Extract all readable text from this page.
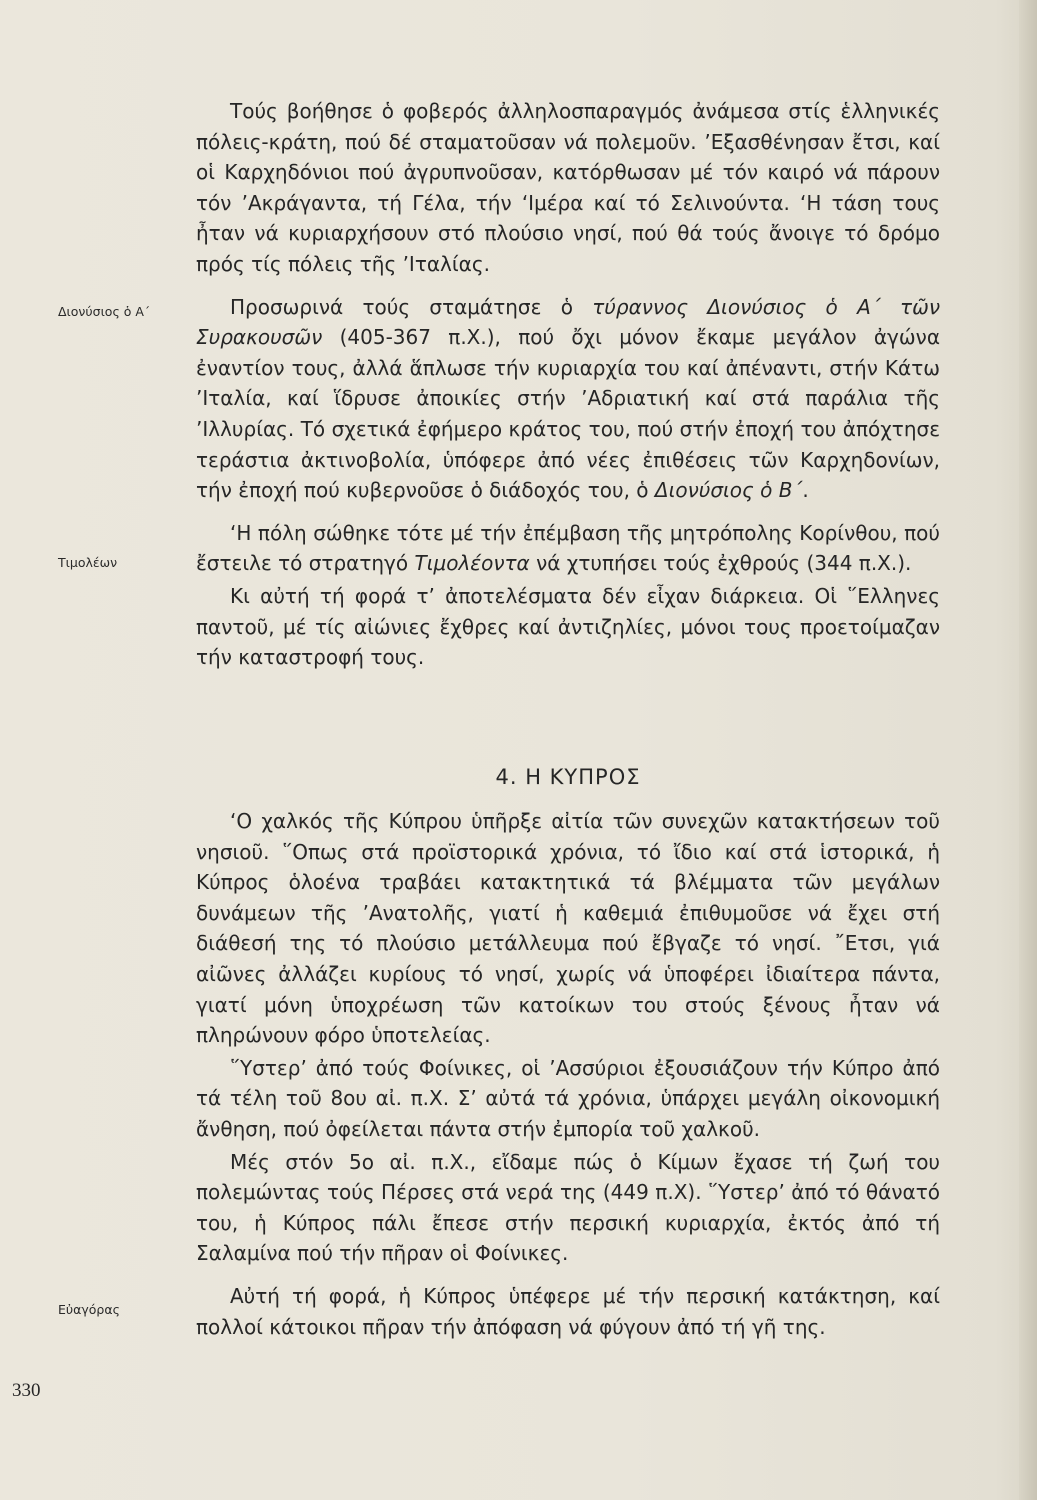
Διονύσιος ὁ Α΄
Τιμολέων
Εὐαγόρας

Τούς βοήθησε ὁ φοβερός ἀλληλοσπαραγμός ἀνάμεσα στίς ἑλληνικές πόλεις-κράτη, πού δέ σταματοῦσαν νά πολεμοῦν. ’Εξασθένησαν ἔτσι, καί οἱ Καρχηδόνιοι πού ἀγρυπνοῦσαν, κατόρθωσαν μέ τόν καιρό νά πάρουν τόν ’Ακράγαντα, τή Γέλα, τήν ‘Ιμέρα καί τό Σελινούντα. ‘Η τάση τους ἦταν νά κυριαρχήσουν στό πλούσιο νησί, πού θά τούς ἄνοιγε τό δρόμο πρός τίς πόλεις τῆς ’Ιταλίας.

Προσωρινά τούς σταμάτησε ὁ τύραννος Διονύσιος ὁ Α΄ τῶν Συρακουσῶν (405-367 π.Χ.), πού ὄχι μόνον ἔκαμε μεγάλον ἀγώνα ἐναντίον τους, ἀλλά ἅπλωσε τήν κυριαρχία του καί ἀπέναντι, στήν Κάτω ’Ιταλία, καί ἵδρυσε ἀποικίες στήν ’Αδριατική καί στά παράλια τῆς ’Ιλλυρίας. Τό σχετικά ἐφήμερο κράτος του, πού στήν ἐποχή του ἀπόχτησε τεράστια ἀκτινοβολία, ὑπόφερε ἀπό νέες ἐπιθέσεις τῶν Καρχηδονίων, τήν ἐποχή πού κυβερνοῦσε ὁ διάδοχός του, ὁ Διονύσιος ὁ Β΄.

‘Η πόλη σώθηκε τότε μέ τήν ἐπέμβαση τῆς μητρόπολης Κορίνθου, πού ἔστειλε τό στρατηγό Τιμολέοντα νά χτυπήσει τούς ἐχθρούς (344 π.Χ.).

Κι αὐτή τή φορά τ’ ἀποτελέσματα δέν εἶχαν διάρκεια. Οἱ ῞Ελληνες παντοῦ, μέ τίς αἰώνιες ἔχθρες καί ἀντιζηλίες, μόνοι τους προετοίμαζαν τήν καταστροφή τους.

4. Η ΚΥΠΡΟΣ

‘Ο χαλκός τῆς Κύπρου ὑπῆρξε αἰτία τῶν συνεχῶν κατακτήσεων τοῦ νησιοῦ. ῞Οπως στά προϊστορικά χρόνια, τό ἴδιο καί στά ἱστορικά, ἡ Κύπρος ὁλοένα τραβάει κατακτητικά τά βλέμματα τῶν μεγάλων δυνάμεων τῆς ’Ανατολῆς, γιατί ἡ καθεμιά ἐπιθυμοῦσε νά ἔχει στή διάθεσή της τό πλούσιο μετάλλευμα πού ἔβγαζε τό νησί. ῎Ετσι, γιά αἰῶνες ἀλλάζει κυρίους τό νησί, χωρίς νά ὑποφέρει ἰδιαίτερα πάντα, γιατί μόνη ὑποχρέωση τῶν κατοίκων του στούς ξένους ἦταν νά πληρώνουν φόρο ὑποτελείας.

῞Υστερ’ ἀπό τούς Φοίνικες, οἱ ’Ασσύριοι ἐξουσιάζουν τήν Κύπρο ἀπό τά τέλη τοῦ 8ου αἰ. π.Χ. Σ’ αὐτά τά χρόνια, ὑπάρχει μεγάλη οἰκονομική ἄνθηση, πού ὀφείλεται πάντα στήν ἐμπορία τοῦ χαλκοῦ.

Μές στόν 5ο αἰ. π.Χ., εἴδαμε πώς ὁ Κίμων ἔχασε τή ζωή του πολεμώντας τούς Πέρσες στά νερά της (449 π.Χ). ῞Υστερ’ ἀπό τό θάνατό του, ἡ Κύπρος πάλι ἔπεσε στήν περσική κυριαρχία, ἐκτός ἀπό τή Σαλαμίνα πού τήν πῆραν οἱ Φοίνικες.

Αὐτή τή φορά, ἡ Κύπρος ὑπέφερε μέ τήν περσική κατάκτηση, καί πολλοί κάτοικοι πῆραν τήν ἀπόφαση νά φύγουν ἀπό τή γῆ της.

330
